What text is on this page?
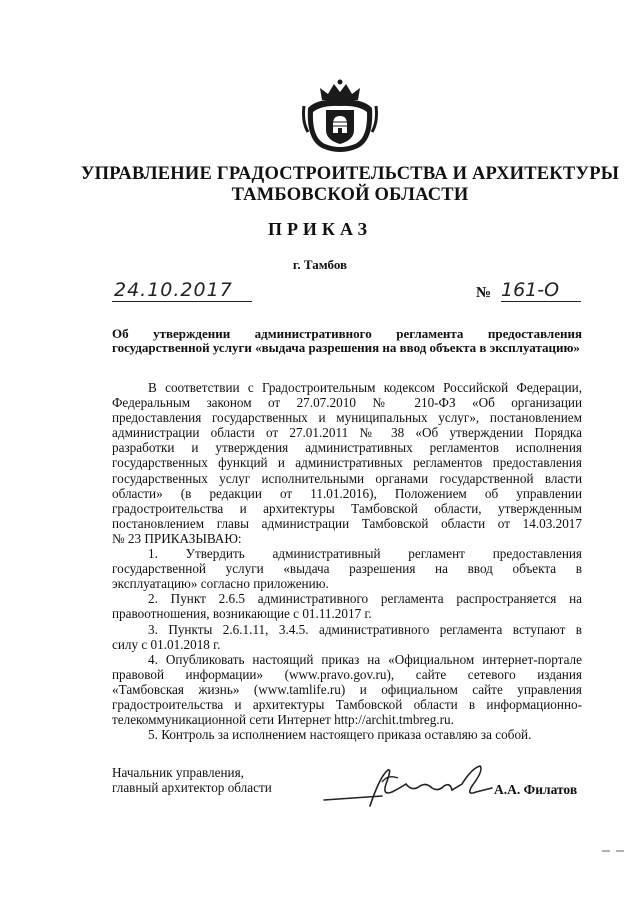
УПРАВЛЕНИЕ ГРАДОСТРОИТЕЛЬСТВА И АРХИТЕКТУРЫ
ТАМБОВСКОЙ ОБЛАСТИ
ПРИКАЗ
г. Тамбов
24.10.2017	№ 161-О
Об утверждении административного регламента предоставления государственной услуги «выдача разрешения на ввод объекта в эксплуатацию»
В соответствии с Градостроительным кодексом Российской Федерации,
Федеральным законом от 27.07.2010 № 210-ФЗ «Об организации
предоставления государственных и муниципальных услуг», постановлением
администрации области от 27.01.2011 № 38 «Об утверждении Порядка
разработки и утверждения административных регламентов исполнения
государственных функций и административных регламентов предоставления
государственных услуг исполнительными органами государственной власти
области» (в редакции от 11.01.2016), Положением об управлении
градостроительства и архитектуры Тамбовской области, утвержденным
постановлением главы администрации Тамбовской области от 14.03.2017
№ 23 ПРИКАЗЫВАЮ:
1. Утвердить административный регламент предоставления
государственной услуги «выдача разрешения на ввод объекта в
эксплуатацию» согласно приложению.
2. Пункт 2.6.5 административного регламента распространяется на
правоотношения, возникающие с 01.11.2017 г.
3. Пункты 2.6.1.11, 3.4.5. административного регламента вступают в
силу с 01.01.2018 г.
4. Опубликовать настоящий приказ на «Официальном интернет-портале
правовой информации» (www.pravo.gov.ru), сайте сетевого издания
«Тамбовская жизнь» (www.tamlife.ru) и официальном сайте управления
градостроительства и архитектуры Тамбовской области в информационно-
телекоммуникационной сети Интернет http://archit.tmbreg.ru.
5. Контроль за исполнением настоящего приказа оставляю за собой.
Начальник управления,
главный архитектор области	А.А. Филатов
